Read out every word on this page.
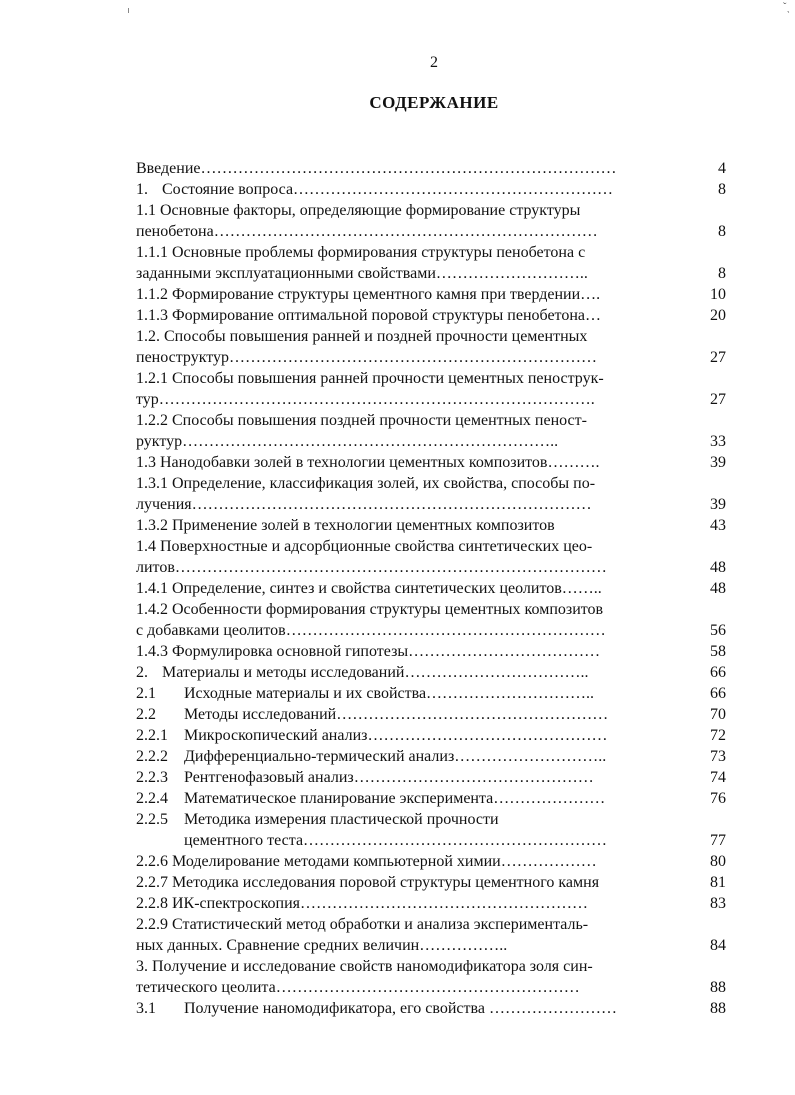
ˇ ˎ
2
СОДЕРЖАНИЕ
Введение……………………………………………………………………	4
1. Состояние вопроса……………………………………………………	8
1.1 Основные факторы, определяющие формирование структуры
пенобетона………………………………………………………………	8
1.1.1 Основные проблемы формирования структуры пенобетона с
заданными эксплуатационными свойствами………………………..	8
1.1.2 Формирование структуры цементного камня при твердении….	10
1.1.3 Формирование оптимальной поровой структуры пенобетона…	20
1.2. Способы повышения ранней и поздней прочности цементных
пеноструктур……………………………………………………………	27
1.2.1 Способы повышения ранней прочности цементных пенострук-
тур……………………………………………………………………….	27
1.2.2 Способы повышения поздней прочности цементных пеност-
руктур……………………………………………………………..	33
1.3 Нанодобавки золей в технологии цементных композитов……….	39
1.3.1 Определение, классификация золей, их свойства, способы по-
лучения…………………………………………………………………	39
1.3.2 Применение золей в технологии цементных композитов	43
1.4 Поверхностные и адсорбционные свойства синтетических цео-
литов………………………………………………………………………	48
1.4.1 Определение, синтез и свойства синтетических цеолитов……..	48
1.4.2 Особенности формирования структуры цементных композитов
с добавками цеолитов……………………………………………………	56
1.4.3 Формулировка основной гипотезы………………………………	58
2. Материалы и методы исследований……………………………..	66
2.1 Исходные материалы и их свойства…………………………..	66
2.2 Методы исследований……………………………………………	70
2.2.1 Микроскопический анализ………………………………………	72
2.2.2 Дифференциально-термический анализ………………………..	73
2.2.3 Рентгенофазовый анализ………………………………………	74
2.2.4 Математическое планирование эксперимента…………………	76
2.2.5 Методика измерения пластической прочности
цементного теста…………………………………………………	77
2.2.6 Моделирование методами компьютерной химии………………	80
2.2.7 Методика исследования поровой структуры цементного камня	81
2.2.8 ИК-спектроскопия………………………………………………	83
2.2.9 Статистический метод обработки и анализа эксперименталь-
ных данных. Сравнение средних величин……………..	84
3. Получение и исследование свойств наномодификатора золя син-
тетического цеолита…………………………………………………	88
3.1 Получение наномодификатора, его свойства ……………………	88
